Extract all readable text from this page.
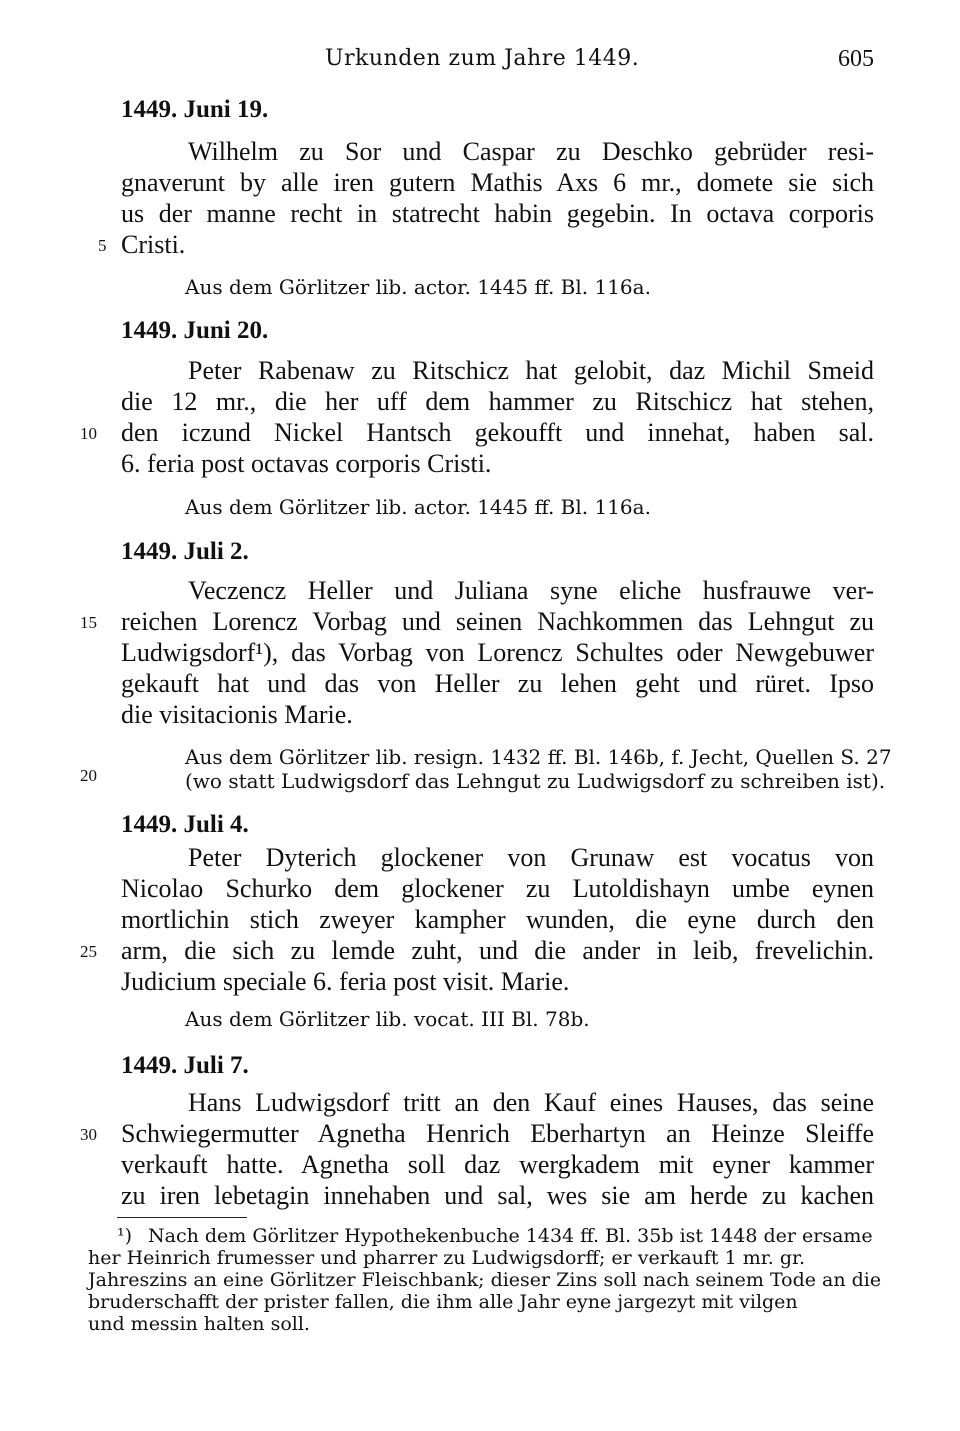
Urkunden zum Jahre 1449.	605
1449. Juni 19.
Wilhelm zu Sor und Caspar zu Deschko gebrüder resi-
gnaverunt by alle iren gutern Mathis Axs 6 mr., domete sie sich
us der manne recht in statrecht habin gegebin. In octava corporis
Cristi.
Aus dem Görlitzer lib. actor. 1445 ff. Bl. 116a.
1449. Juni 20.
Peter Rabenaw zu Ritschicz hat gelobit, daz Michil Smeid
die 12 mr., die her uff dem hammer zu Ritschicz hat stehen,
den iczund Nickel Hantsch gekoufft und innehat, haben sal.
6. feria post octavas corporis Cristi.
Aus dem Görlitzer lib. actor. 1445 ff. Bl. 116a.
1449. Juli 2.
Veczencz Heller und Juliana syne eliche husfrauwe ver-
reichen Lorencz Vorbag und seinen Nachkommen das Lehngut zu
Ludwigsdorf¹), das Vorbag von Lorencz Schultes oder Newgebuwer
gekauft hat und das von Heller zu lehen geht und rüret. Ipso
die visitacionis Marie.
Aus dem Görlitzer lib. resign. 1432 ff. Bl. 146b, f. Jecht, Quellen S. 27
(wo statt Ludwigsdorf das Lehngut zu Ludwigsdorf zu schreiben ist).
1449. Juli 4.
Peter Dyterich glockener von Grunaw est vocatus von
Nicolao Schurko dem glockener zu Lutoldishayn umbe eynen
mortlichin stich zweyer kampher wunden, die eyne durch den
arm, die sich zu lemde zuht, und die ander in leib, frevelichin.
Judicium speciale 6. feria post visit. Marie.
Aus dem Görlitzer lib. vocat. III Bl. 78b.
1449. Juli 7.
Hans Ludwigsdorf tritt an den Kauf eines Hauses, das seine
Schwiegermutter Agnetha Henrich Eberhartyn an Heinze Sleiffe
verkauft hatte. Agnetha soll daz wergkadem mit eyner kammer
zu iren lebetagin innehaben und sal, wes sie am herde zu kachen
5
10
15
20
25
30
¹) Nach dem Görlitzer Hypothekenbuche 1434 ff. Bl. 35b ist 1448 der ersame
her Heinrich frumesser und pharrer zu Ludwigsdorff; er verkauft 1 mr. gr.
Jahreszins an eine Görlitzer Fleischbank; dieser Zins soll nach seinem Tode an die
bruderschafft der prister fallen, die ihm alle Jahr eyne jargezyt mit vilgen
und messin halten soll.
